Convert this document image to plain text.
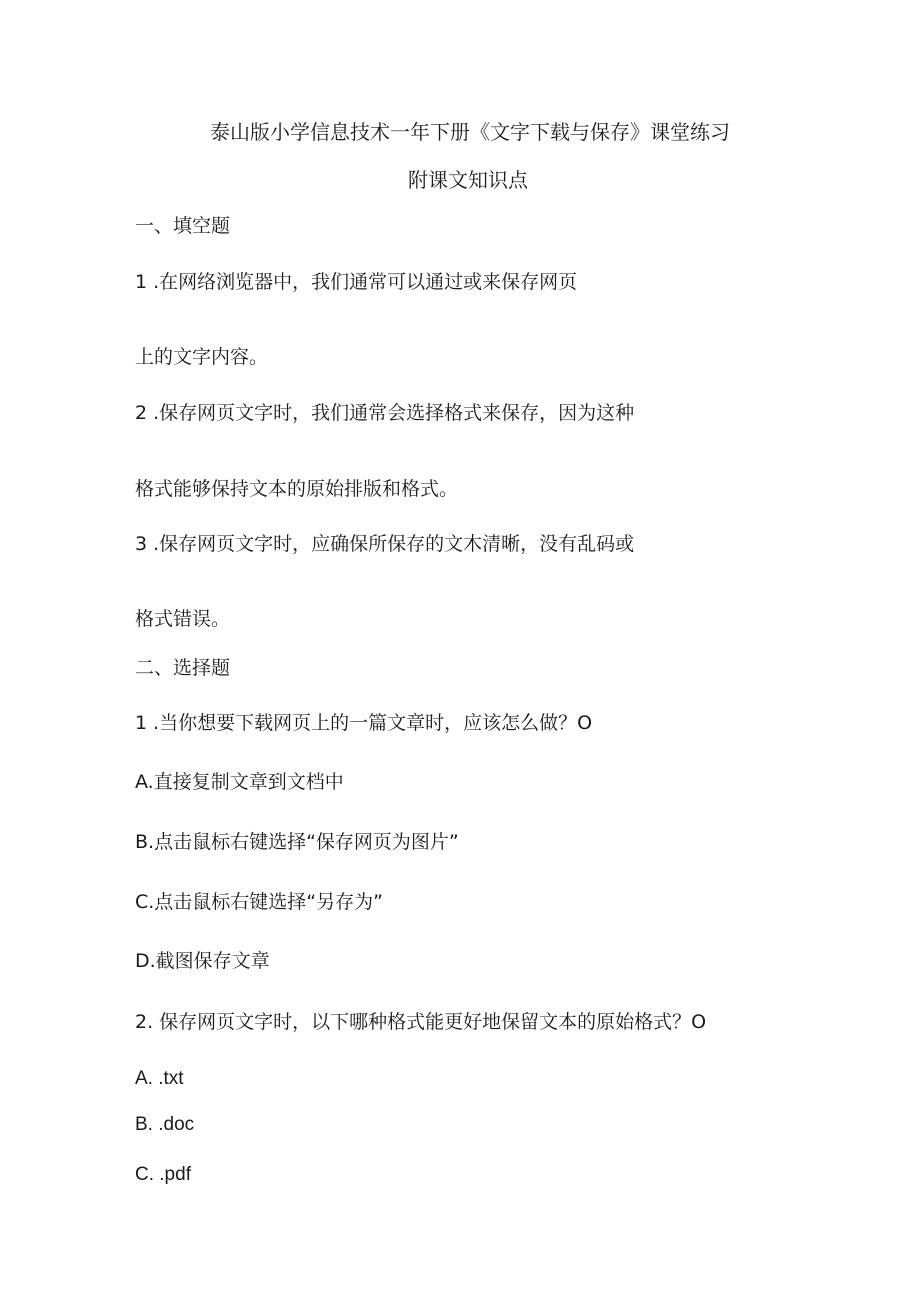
泰山版小学信息技术一年下册《文字下载与保存》课堂练习
附课文知识点
一、填空题
1 .在网络浏览器中，我们通常可以通过或来保存网页
上的文字内容。
2 .保存网页文字时，我们通常会选择格式来保存，因为这种
格式能够保持文本的原始排版和格式。
3 .保存网页文字时，应确保所保存的文木清晰，没有乱码或
格式错误。
二、选择题
1 .当你想要下载网页上的一篇文章时，应该怎么做？O
A.直接复制文章到文档中
B.点击鼠标右键选择“保存网页为图片”
C.点击鼠标右键选择“另存为”
D.截图保存文章
2. 保存网页文字时，以下哪种格式能更好地保留文本的原始格式？O
A. .txt
B. .doc
C. .pdf
